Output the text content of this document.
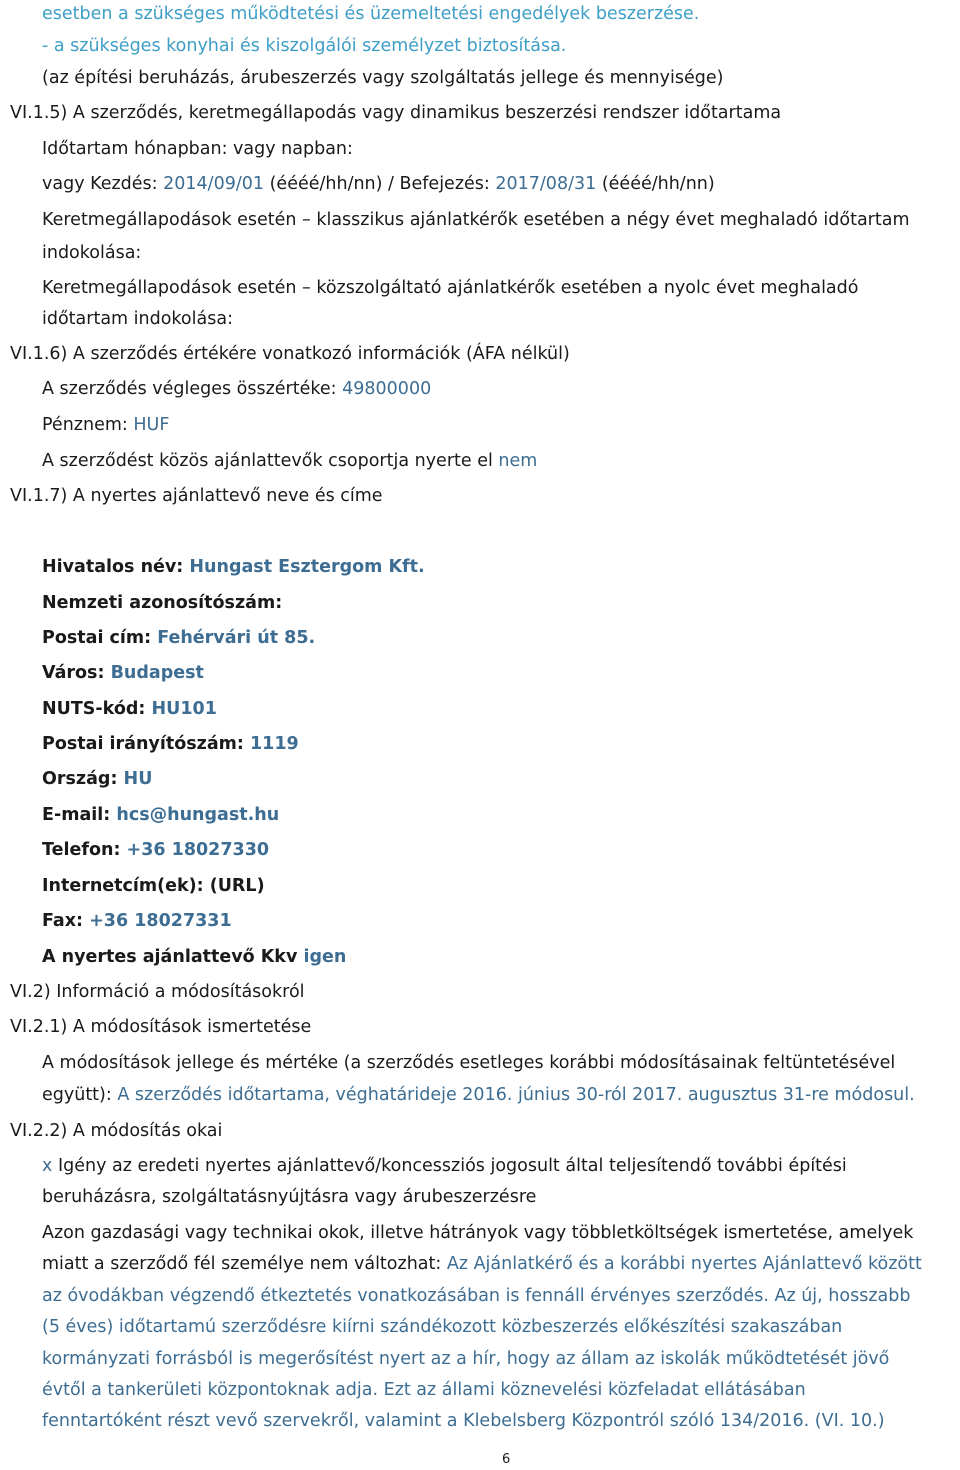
esetben a szükséges működtetési és üzemeltetési engedélyek beszerzése.
- a szükséges konyhai és kiszolgálói személyzet biztosítása.
(az építési beruházás, árubeszerzés vagy szolgáltatás jellege és mennyisége)
VI.1.5) A szerződés, keretmegállapodás vagy dinamikus beszerzési rendszer időtartama
Időtartam hónapban: vagy napban:
vagy Kezdés: 2014/09/01 (éééé/hh/nn) / Befejezés: 2017/08/31 (éééé/hh/nn)
Keretmegállapodások esetén – klasszikus ajánlatkérők esetében a négy évet meghaladó időtartam
indokolása:
Keretmegállapodások esetén – közszolgáltató ajánlatkérők esetében a nyolc évet meghaladó
időtartam indokolása:
VI.1.6) A szerződés értékére vonatkozó információk (ÁFA nélkül)
A szerződés végleges összértéke: 49800000
Pénznem: HUF
A szerződést közös ajánlattevők csoportja nyerte el nem
VI.1.7) A nyertes ajánlattevő neve és címe
Hivatalos név: Hungast Esztergom Kft.
Nemzeti azonosítószám:
Postai cím: Fehérvári út 85.
Város: Budapest
NUTS-kód: HU101
Postai irányítószám: 1119
Ország: HU
E-mail: hcs@hungast.hu
Telefon: +36 18027330
Internetcím(ek): (URL)
Fax: +36 18027331
A nyertes ajánlattevő Kkv igen
VI.2) Információ a módosításokról
VI.2.1) A módosítások ismertetése
A módosítások jellege és mértéke (a szerződés esetleges korábbi módosításainak feltüntetésével
együtt): A szerződés időtartama, véghatárideje 2016. június 30-ról 2017. augusztus 31-re módosul.
VI.2.2) A módosítás okai
x Igény az eredeti nyertes ajánlattevő/koncessziós jogosult által teljesítendő további építési
beruházásra, szolgáltatásnyújtásra vagy árubeszerzésre
Azon gazdasági vagy technikai okok, illetve hátrányok vagy többletköltségek ismertetése, amelyek
miatt a szerződő fél személye nem változhat: Az Ajánlatkérő és a korábbi nyertes Ajánlattevő között
az óvodákban végzendő étkeztetés vonatkozásában is fennáll érvényes szerződés. Az új, hosszabb
(5 éves) időtartamú szerződésre kiírni szándékozott közbeszerzés előkészítési szakaszában
kormányzati forrásból is megerősítést nyert az a hír, hogy az állam az iskolák működtetését jövő
évtől a tankerületi központoknak adja. Ezt az állami köznevelési közfeladat ellátásában
fenntartóként részt vevő szervekről, valamint a Klebelsberg Központról szóló 134/2016. (VI. 10.)
6
